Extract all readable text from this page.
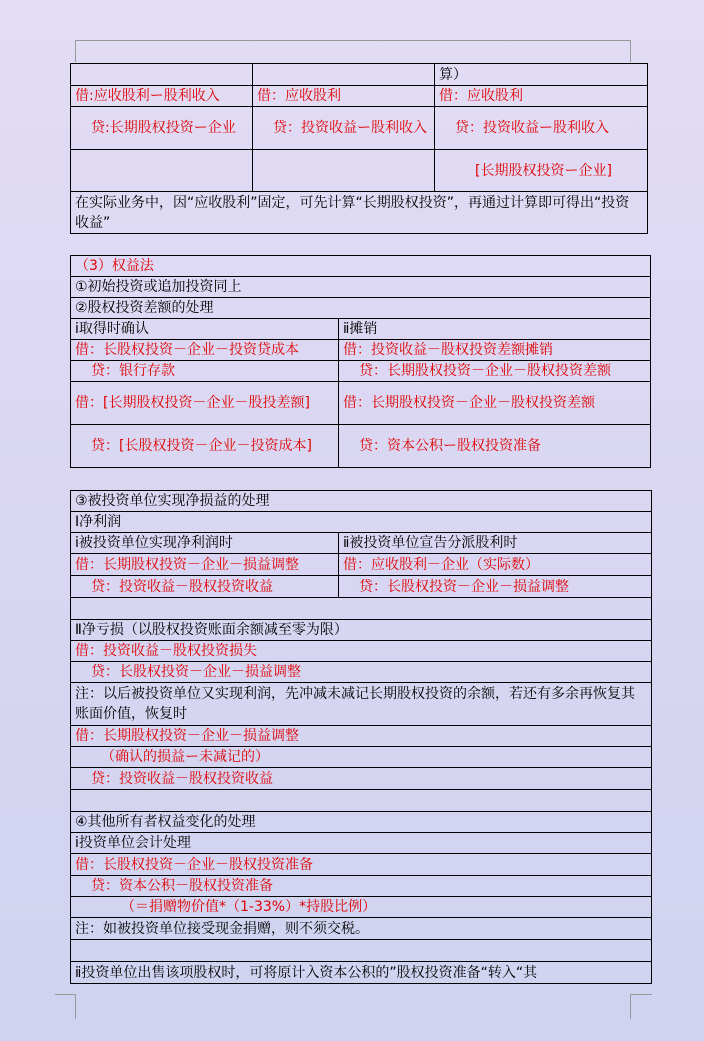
		算）
借:应收股利ー股利收入	借：应收股利	借：应收股利
贷:长期股权投资ー企业	贷：投资收益ー股利收入	贷：投资收益ー股利收入
		[长期股权投资ー企业]
在实际业务中，因“应收股利”固定，可先计算“长期股权投资”，再通过计算即可得出“投资收益”		
（3）权益法	
①初始投资或追加投资同上	
②股权投资差额的处理	
ⅰ取得时确认	ⅱ摊销
借：长股权投资－企业－投资贷成本	借：投资收益－股权投资差额摊销
贷：银行存款	贷：长期股权投资－企业－股权投资差额
借：[长期股权投资－企业－股投差额]	借：长期股权投资－企业－股权投资差额
贷：[长股权投资－企业－投资成本]	贷：资本公积ー股权投资准备
③被投资单位实现净损益的处理	
Ⅰ净利润	
ⅰ被投资单位实现净利润时	ⅱ被投资单位宣告分派股利时
借：长期股权投资－企业－损益调整	借：应收股利－企业（实际数）
贷：投资收益－股权投资收益	贷：长股权投资－企业－损益调整

Ⅱ净亏损（以股权投资账面余额减至零为限）	
借：投资收益－股权投资损失	
贷：长股权投资－企业－损益调整	
注：以后被投资单位又实现利润，先冲减未减记长期股权投资的余额，若还有多余再恢复其账面价值，恢复时	
借：长期股权投资－企业－损益调整	
（确认的损益ー未减记的）	
贷：投资收益－股权投资收益	

④其他所有者权益变化的处理	
ⅰ投资单位会计处理	
借：长股权投资－企业－股权投资准备	
贷：资本公积－股权投资准备	
（＝捐赠物价值*（1-33%）*持股比例）	
注：如被投资单位接受现金捐赠，则不须交税。	

ⅱ投资单位出售该项股权时，可将原计入资本公积的”股权投资准备“转入“其	
